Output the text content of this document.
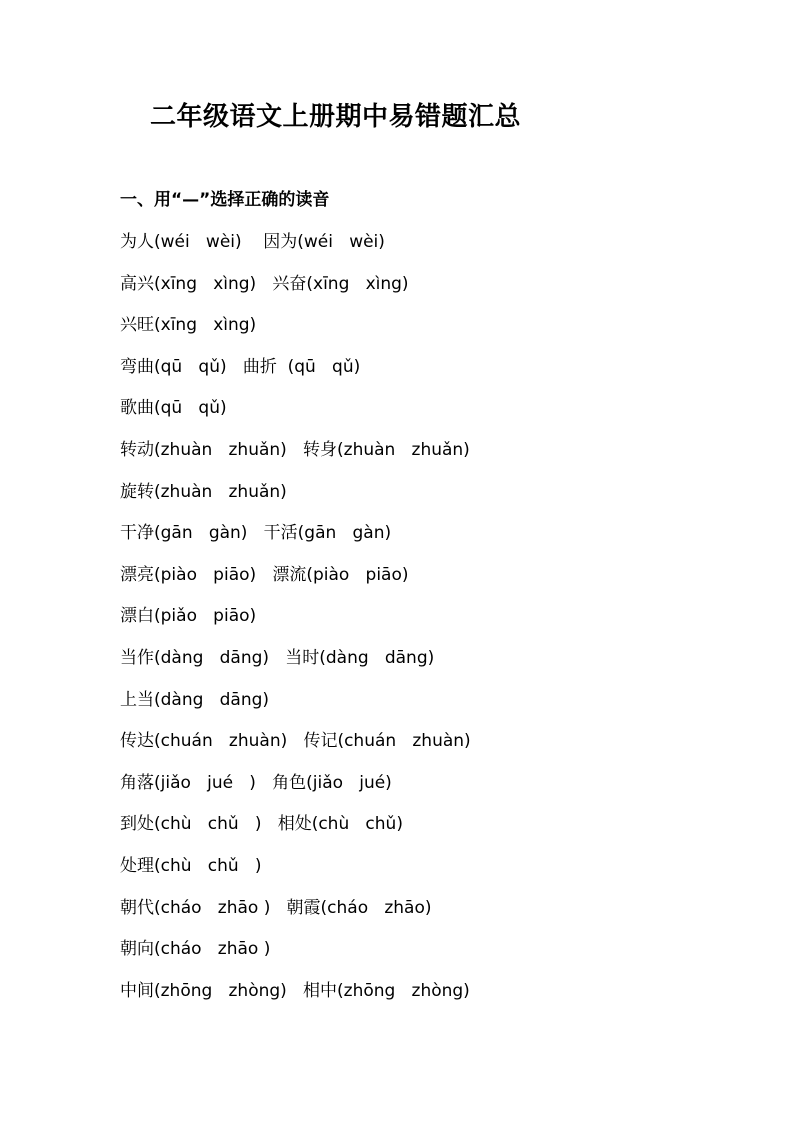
二年级语文上册期中易错题汇总
一、用“—”选择正确的读音
为人(wéi   wèi)    因为(wéi   wèi)
高兴(xīng   xìng)   兴奋(xīng   xìng)
兴旺(xīng   xìng)
弯曲(qū   qǔ)   曲折  (qū   qǔ)
歌曲(qū   qǔ)
转动(zhuàn   zhuǎn)   转身(zhuàn   zhuǎn)
旋转(zhuàn   zhuǎn)
干净(gān   gàn)   干活(gān   gàn)
漂亮(piào   piāo)   漂流(piào   piāo)
漂白(piǎo   piāo)
当作(dàng   dāng)   当时(dàng   dāng)
上当(dàng   dāng)
传达(chuán   zhuàn)   传记(chuán   zhuàn)
角落(jiǎo   jué   )   角色(jiǎo   jué)
到处(chù   chǔ   )   相处(chù   chǔ)
处理(chù   chǔ   )
朝代(cháo   zhāo )   朝霞(cháo   zhāo)
朝向(cháo   zhāo )
中间(zhōng   zhòng)   相中(zhōng   zhòng)
